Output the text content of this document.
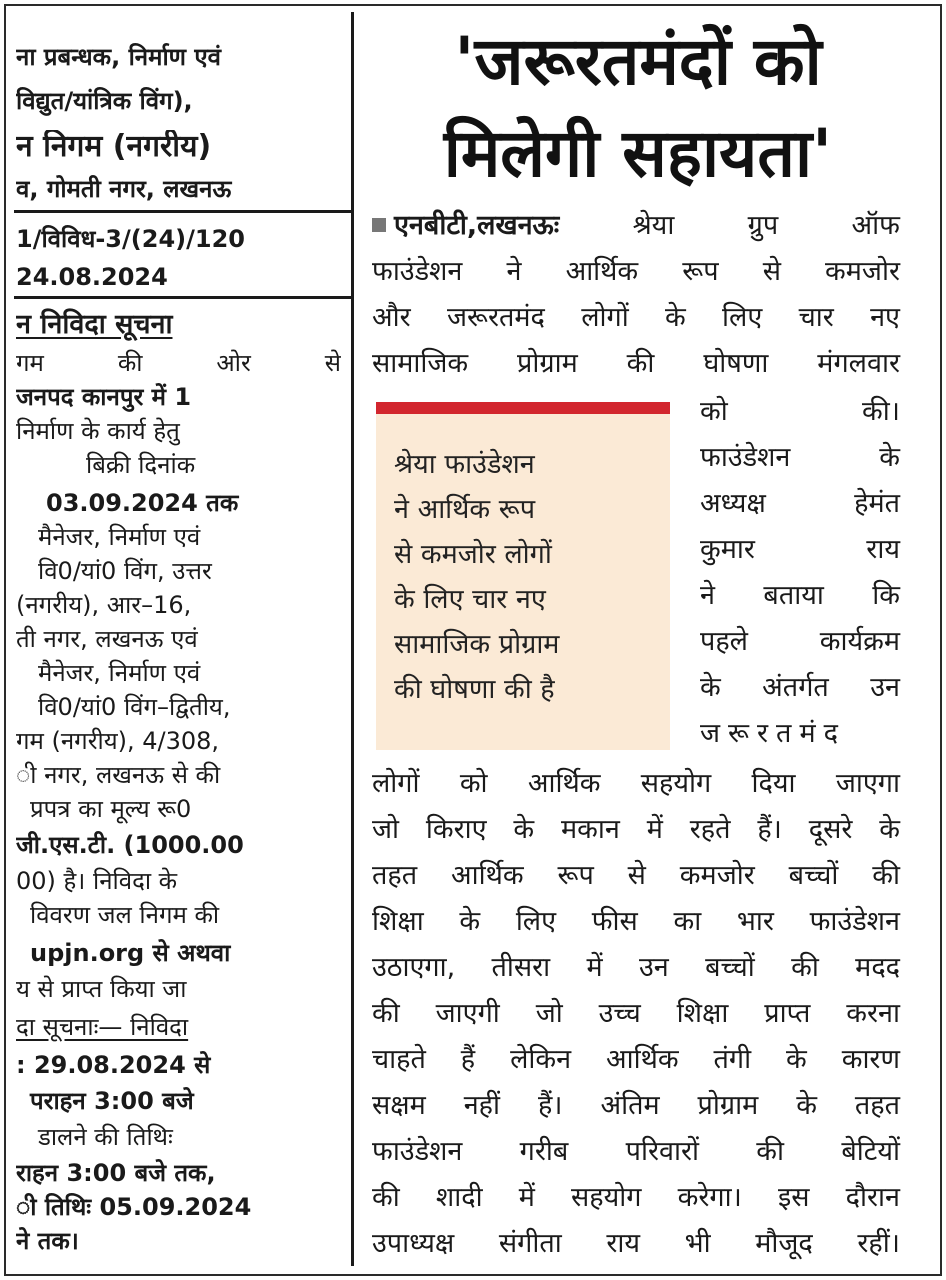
ना प्रबन्धक, निर्माण एवं
विद्युत/यांत्रिक विंग),
न निगम (नगरीय)
व, गोमती नगर, लखनऊ
1/विविध-3/(24)/120
24.08.2024
न निविदा सूचना
गम की ओर से
जनपद कानपुर में 1
निर्माण के कार्य हेतु
बिक्री दिनांक
03.09.2024 तक
मैनेजर, निर्माण एवं
वि0/यां0 विंग, उत्तर
(नगरीय), आर–16,
ती नगर, लखनऊ एवं
मैनेजर, निर्माण एवं
वि0/यां0 विंग–द्वितीय,
गम (नगरीय), 4/308,
ी नगर, लखनऊ से की
प्रपत्र का मूल्य रू0
जी.एस.टी. (1000.00
00) है। निविदा के
विवरण जल निगम की
upjn.org से अथवा
य से प्राप्त किया जा
दा सूचनाः— निविदा
: 29.08.2024 से
पराहन 3:00 बजे
डालने की तिथिः
राहन 3:00 बजे तक,
ी तिथिः 05.09.2024
ने तक।
'जरूरतमंदों को
मिलेगी सहायता'
एनबीटी,लखनऊः	श्रेया ग्रुप ऑफ
फाउंडेशन ने आर्थिक रूप से कमजोर
और जरूरतमंद लोगों के लिए चार नए
सामाजिक प्रोग्राम की घोषणा मंगलवार
श्रेया फाउंडेशन
ने आर्थिक रूप
से कमजोर लोगों
के लिए चार नए
सामाजिक प्रोग्राम
की घोषणा की है
को की।
फाउंडेशन के
अध्यक्ष हेमंत
कुमार राय
ने बताया कि
पहले कार्यक्रम
के अंतर्गत उन
जरूरतमंद
लोगों को आर्थिक सहयोग दिया जाएगा
जो किराए के मकान में रहते हैं। दूसरे के
तहत आर्थिक रूप से कमजोर बच्चों की
शिक्षा के लिए फीस का भार फाउंडेशन
उठाएगा, तीसरा में उन बच्चों की मदद
की जाएगी जो उच्च शिक्षा प्राप्त करना
चाहते हैं लेकिन आर्थिक तंगी के कारण
सक्षम नहीं हैं। अंतिम प्रोग्राम के तहत
फाउंडेशन गरीब परिवारों की बेटियों
की शादी में सहयोग करेगा। इस दौरान
उपाध्यक्ष संगीता राय भी मौजूद रहीं।
